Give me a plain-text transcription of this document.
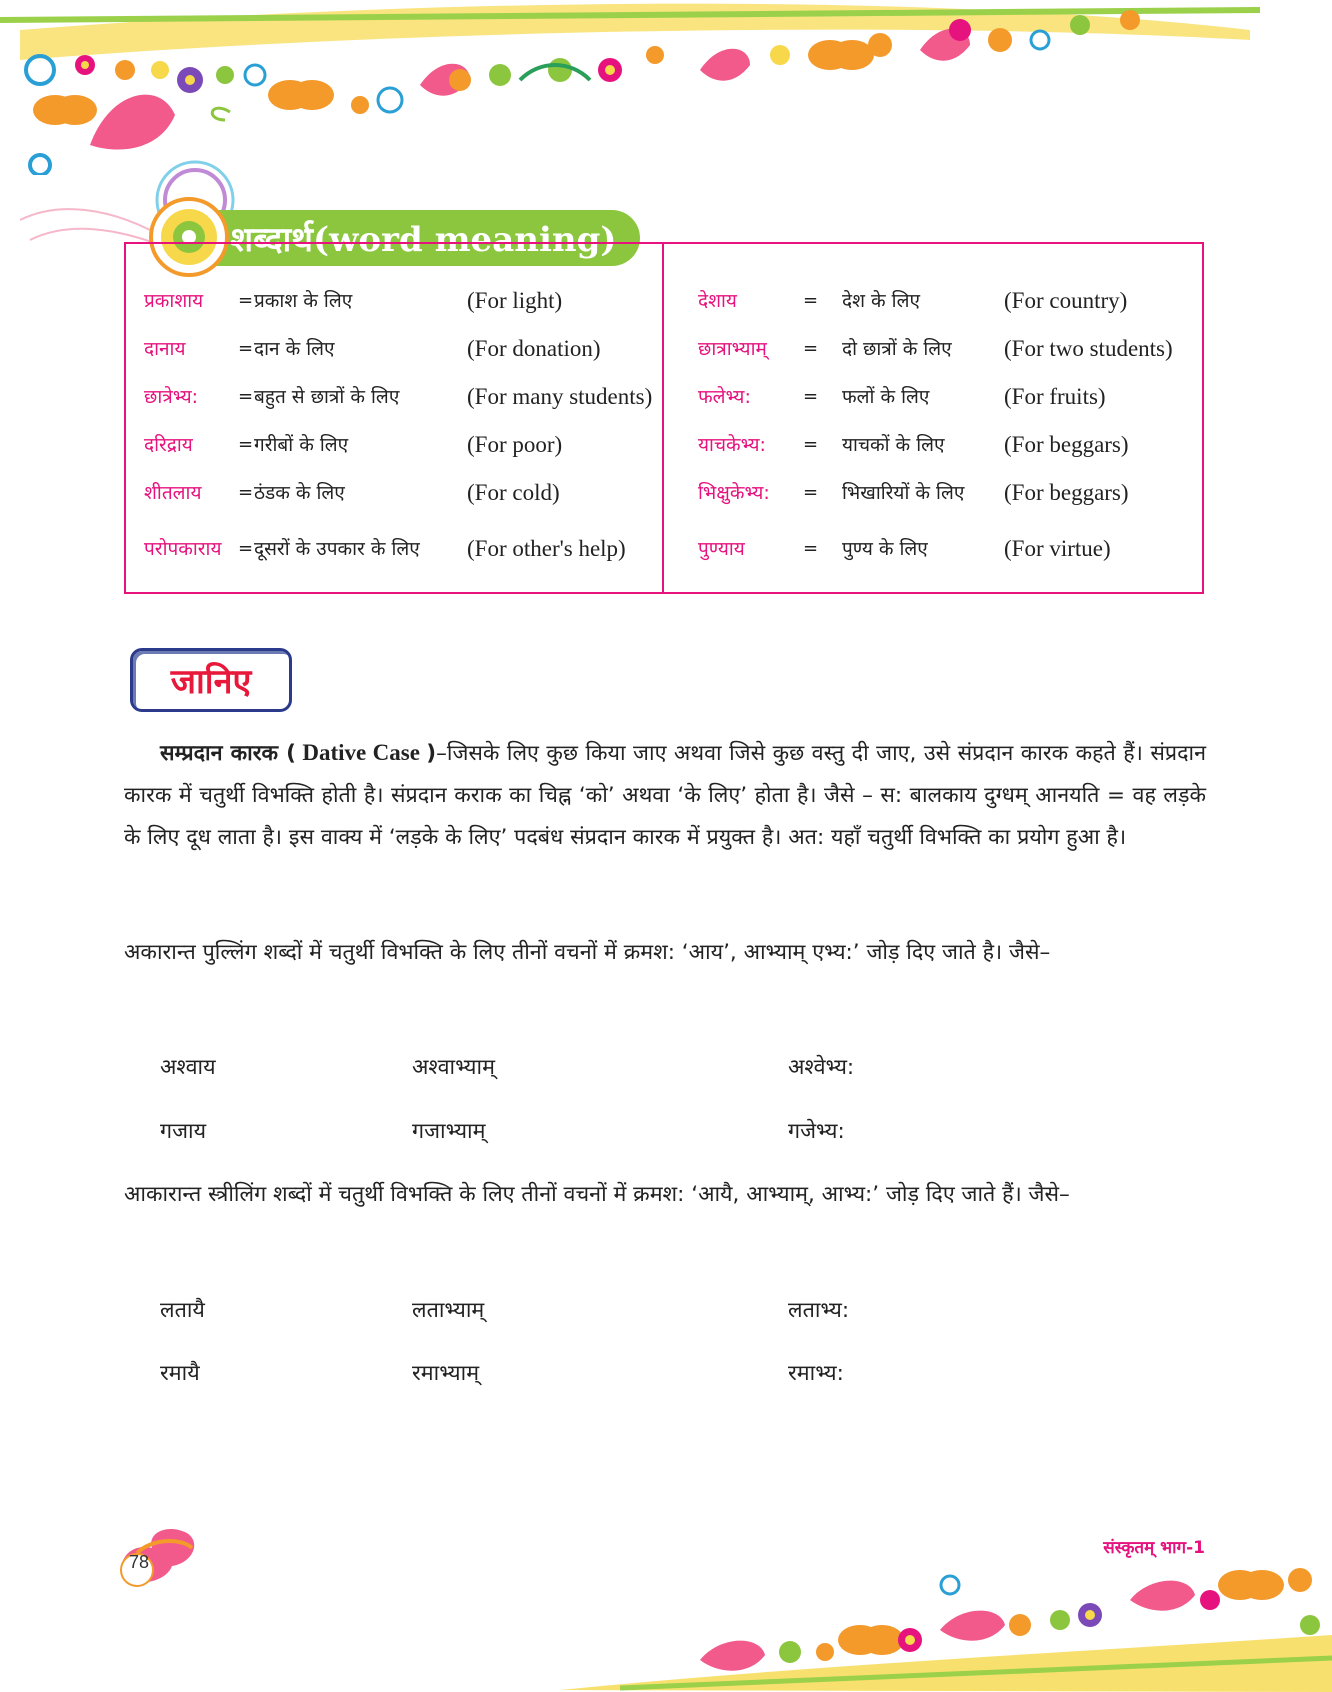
शब्दार्थ(word meaning)
प्रकाशाय = प्रकाश के लिए	(For light)
दानाय	= दान के लिए	(For donation)
छात्रेभ्य: = बहुत से छात्रों के लिए	(For many students)
दरिद्राय	= गरीबों के लिए	(For poor)
शीतलाय = ठंडक के लिए	(For cold)
परोपकाराय = दूसरों के उपकार के लिए (For other's help)
देशाय	= देश के लिए	(For country)
छात्राभ्याम् = दो छात्रों के लिए (For two students)
फलेभ्य:	= फलों के लिए	(For fruits)
याचकेभ्य: = याचकों के लिए	(For beggars)
भिक्षुकेभ्य: = भिखारियों के लिए (For beggars)
पुण्याय	= पुण्य के लिए	(For virtue)
जानिए
सम्प्रदान कारक ( Dative Case )–जिसके लिए कुछ किया जाए अथवा जिसे कुछ वस्तु दी जाए, उसे संप्रदान कारक कहते हैं। संप्रदान कारक में चतुर्थी विभक्ति होती है। संप्रदान कराक का चिह्न ‘को’ अथवा ‘के लिए’ होता है। जैसे – स: बालकाय दुग्धम् आनयति = वह लड़के के लिए दूध लाता है। इस वाक्य में ‘लड़के के लिए’ पदबंध संप्रदान कारक में प्रयुक्त है। अत: यहाँ चतुर्थी विभक्ति का प्रयोग हुआ है।
अकारान्त पुल्लिंग शब्दों में चतुर्थी विभक्ति के लिए तीनों वचनों में क्रमश: ‘आय’, आभ्याम् एभ्य:’ जोड़ दिए जाते है। जैसे–
अश्वाय	अश्वाभ्याम्	अश्वेभ्य:
गजाय	गजाभ्याम्	गजेभ्य:
आकारान्त स्त्रीलिंग शब्दों में चतुर्थी विभक्ति के लिए तीनों वचनों में क्रमश: ‘आयै, आभ्याम्, आभ्य:’ जोड़ दिए जाते हैं। जैसे–
लतायै	लताभ्याम्	लताभ्य:
रमायै	रमाभ्याम्	रमाभ्य:
78
संस्कृतम् भाग-1
